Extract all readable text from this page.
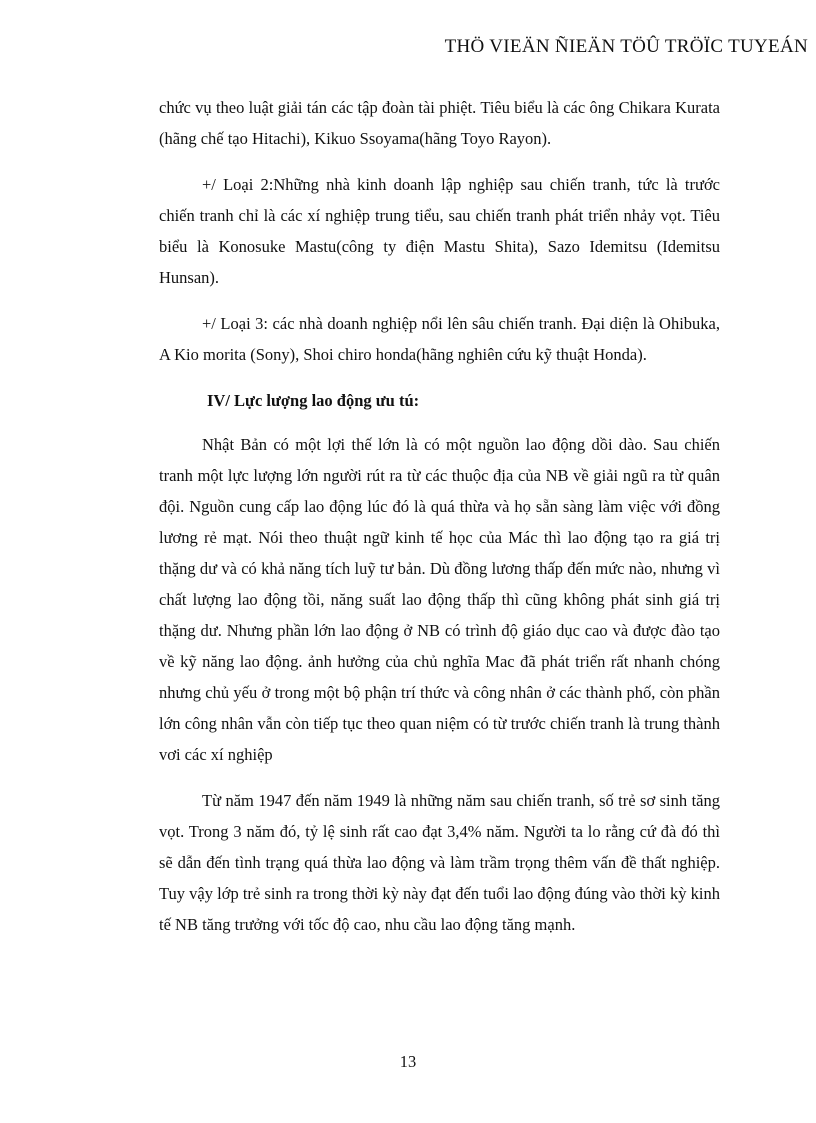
THÖ VIEÄN ÑIEÄN TÖÛ TRÖÏC TUYEÁN

chức vụ theo luật giải tán các tập đoàn tài phiệt. Tiêu biểu là các ông Chikara Kurata (hãng chế tạo Hitachi), Kikuo Ssoyama(hãng Toyo Rayon).

+/ Loại 2:Những nhà kinh doanh lập nghiệp sau chiến tranh, tức là trước chiến tranh chỉ là các xí nghiệp trung tiểu, sau chiến tranh phát triển nhảy vọt. Tiêu biểu là Konosuke Mastu(công ty điện Mastu Shita), Sazo Idemitsu (Idemitsu Hunsan).

+/ Loại 3: các nhà doanh nghiệp nổi lên sâu chiến tranh. Đại diện là Ohibuka, A Kio morita (Sony), Shoi chiro honda(hãng nghiên cứu kỹ thuật Honda).

IV/ Lực lượng lao động ưu tú:

Nhật Bản có một lợi thế lớn là có một nguồn lao động dồi dào. Sau chiến tranh một lực lượng lớn người rút ra từ các thuộc địa của NB về giải ngũ ra từ quân đội. Nguồn cung cấp lao động lúc đó là quá thừa và họ sẵn sàng làm việc với đồng lương rẻ mạt. Nói theo thuật ngữ kinh tế học của Mác thì lao động tạo ra giá trị thặng dư và có khả năng tích luỹ tư bản. Dù đồng lương thấp đến mức nào, nhưng vì chất lượng lao động tồi, năng suất lao động thấp thì cũng không phát sinh giá trị thặng dư. Nhưng phần lớn lao động ở NB có trình độ giáo dục cao và được đào tạo về kỹ năng lao động. ảnh hưởng của chủ nghĩa Mac đã phát triển rất nhanh chóng nhưng chủ yếu ở trong một bộ phận trí thức và công nhân ở các thành phố, còn phần lớn công nhân vẫn còn tiếp tục theo quan niệm có từ trước chiến tranh là trung thành vơi các xí nghiệp

Từ năm 1947 đến năm 1949 là những năm sau chiến tranh, số trẻ sơ sinh tăng vọt. Trong 3 năm đó, tỷ lệ sinh rất cao đạt 3,4% năm. Người ta lo rằng cứ đà đó thì sẽ dẫn đến tình trạng quá thừa lao động và làm trầm trọng thêm vấn đề thất nghiệp. Tuy vậy lớp trẻ sinh ra trong thời kỳ này đạt đến tuổi lao động đúng vào thời kỳ kinh tế NB tăng trưởng với tốc độ cao, nhu cầu lao động tăng mạnh.

13
